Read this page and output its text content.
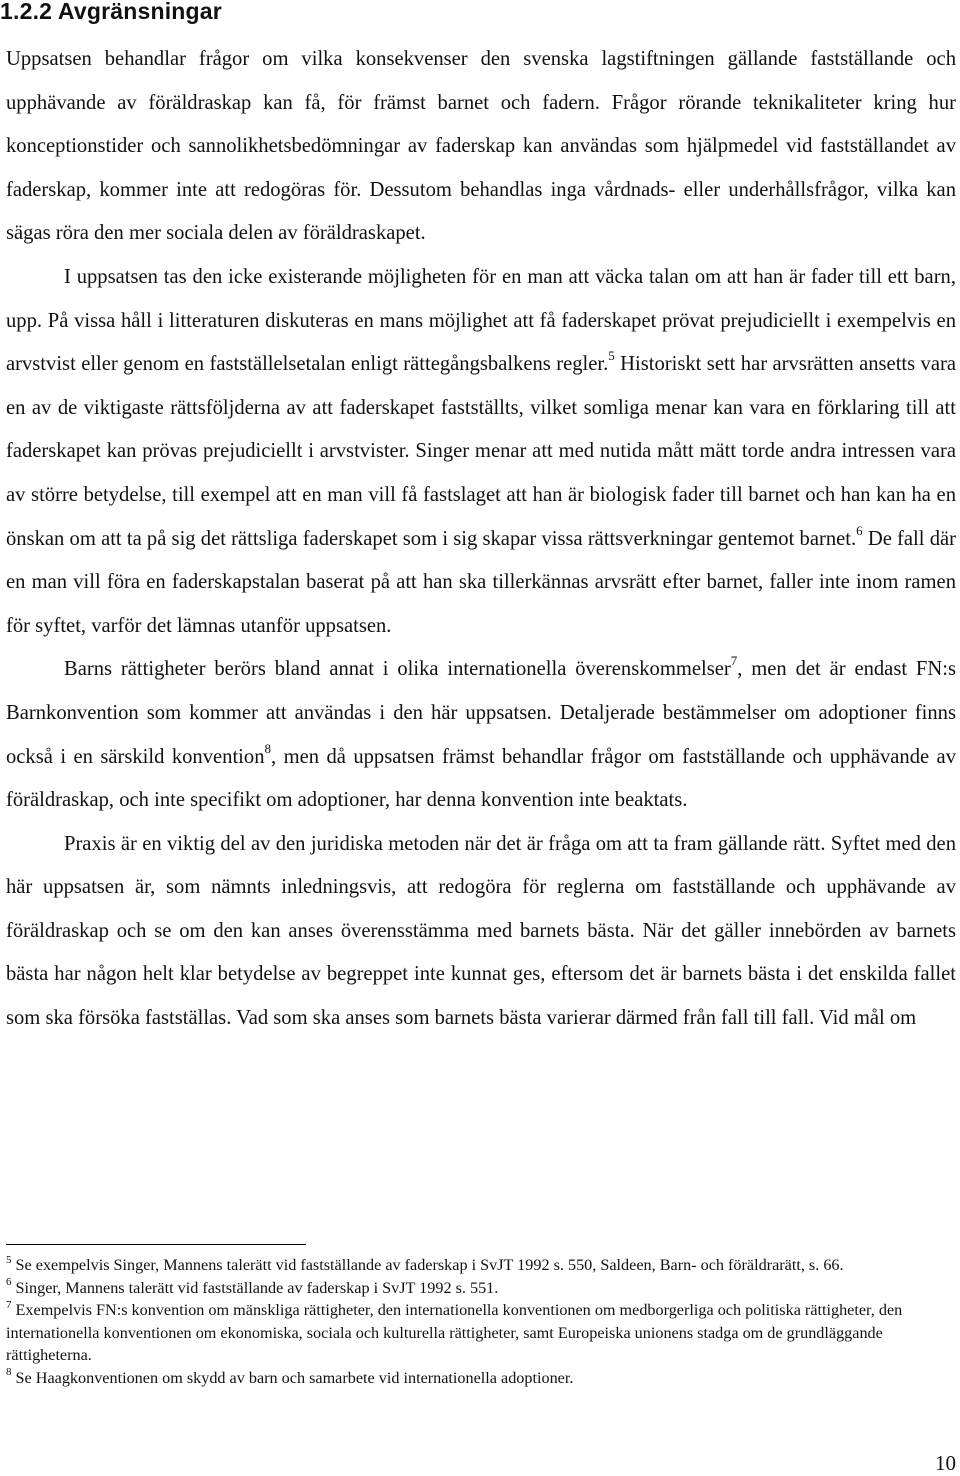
1.2.2 Avgränsningar

Uppsatsen behandlar frågor om vilka konsekvenser den svenska lagstiftningen gällande fastställande och upphävande av föräldraskap kan få, för främst barnet och fadern. Frågor rörande teknikaliteter kring hur konceptionstider och sannolikhetsbedömningar av faderskap kan användas som hjälpmedel vid fastställandet av faderskap, kommer inte att redogöras för. Dessutom behandlas inga vårdnads- eller underhållsfrågor, vilka kan sägas röra den mer sociala delen av föräldraskapet.

I uppsatsen tas den icke existerande möjligheten för en man att väcka talan om att han är fader till ett barn, upp. På vissa håll i litteraturen diskuteras en mans möjlighet att få faderskapet prövat prejudiciellt i exempelvis en arvstvist eller genom en fastställelsetalan enligt rättegångsbalkens regler.$^5$ Historiskt sett har arvsrätten ansetts vara en av de viktigaste rättsföljderna av att faderskapet fastställts, vilket somliga menar kan vara en förklaring till att faderskapet kan prövas prejudiciellt i arvstvister. Singer menar att med nutida mått mätt torde andra intressen vara av större betydelse, till exempel att en man vill få fastslaget att han är biologisk fader till barnet och han kan ha en önskan om att ta på sig det rättsliga faderskapet som i sig skapar vissa rättsverkningar gentemot barnet.$^6$ De fall där en man vill föra en faderskapstalan baserat på att han ska tillerkännas arvsrätt efter barnet, faller inte inom ramen för syftet, varför det lämnas utanför uppsatsen.

Barns rättigheter berörs bland annat i olika internationella överenskommelser$^7$, men det är endast FN:s Barnkonvention som kommer att användas i den här uppsatsen. Detaljerade bestämmelser om adoptioner finns också i en särskild konvention$^8$, men då uppsatsen främst behandlar frågor om fastställande och upphävande av föräldraskap, och inte specifikt om adoptioner, har denna konvention inte beaktats.

Praxis är en viktig del av den juridiska metoden när det är fråga om att ta fram gällande rätt. Syftet med den här uppsatsen är, som nämnts inledningsvis, att redogöra för reglerna om fastställande och upphävande av föräldraskap och se om den kan anses överensstämma med barnets bästa. När det gäller innebörden av barnets bästa har någon helt klar betydelse av begreppet inte kunnat ges, eftersom det är barnets bästa i det enskilda fallet som ska försöka fastställas. Vad som ska anses som barnets bästa varierar därmed från fall till fall. Vid mål om

$^5$ Se exempelvis Singer, Mannens talerätt vid fastställande av faderskap i SvJT 1992 s. 550, Saldeen, Barn- och föräldrarätt, s. 66.

$^6$ Singer, Mannens talerätt vid fastställande av faderskap i SvJT 1992 s. 551.

$^7$ Exempelvis FN:s konvention om mänskliga rättigheter, den internationella konventionen om medborgerliga och politiska rättigheter, den internationella konventionen om ekonomiska, sociala och kulturella rättigheter, samt Europeiska unionens stadga om de grundläggande rättigheterna.

$^8$ Se Haagkonventionen om skydd av barn och samarbete vid internationella adoptioner.

10
